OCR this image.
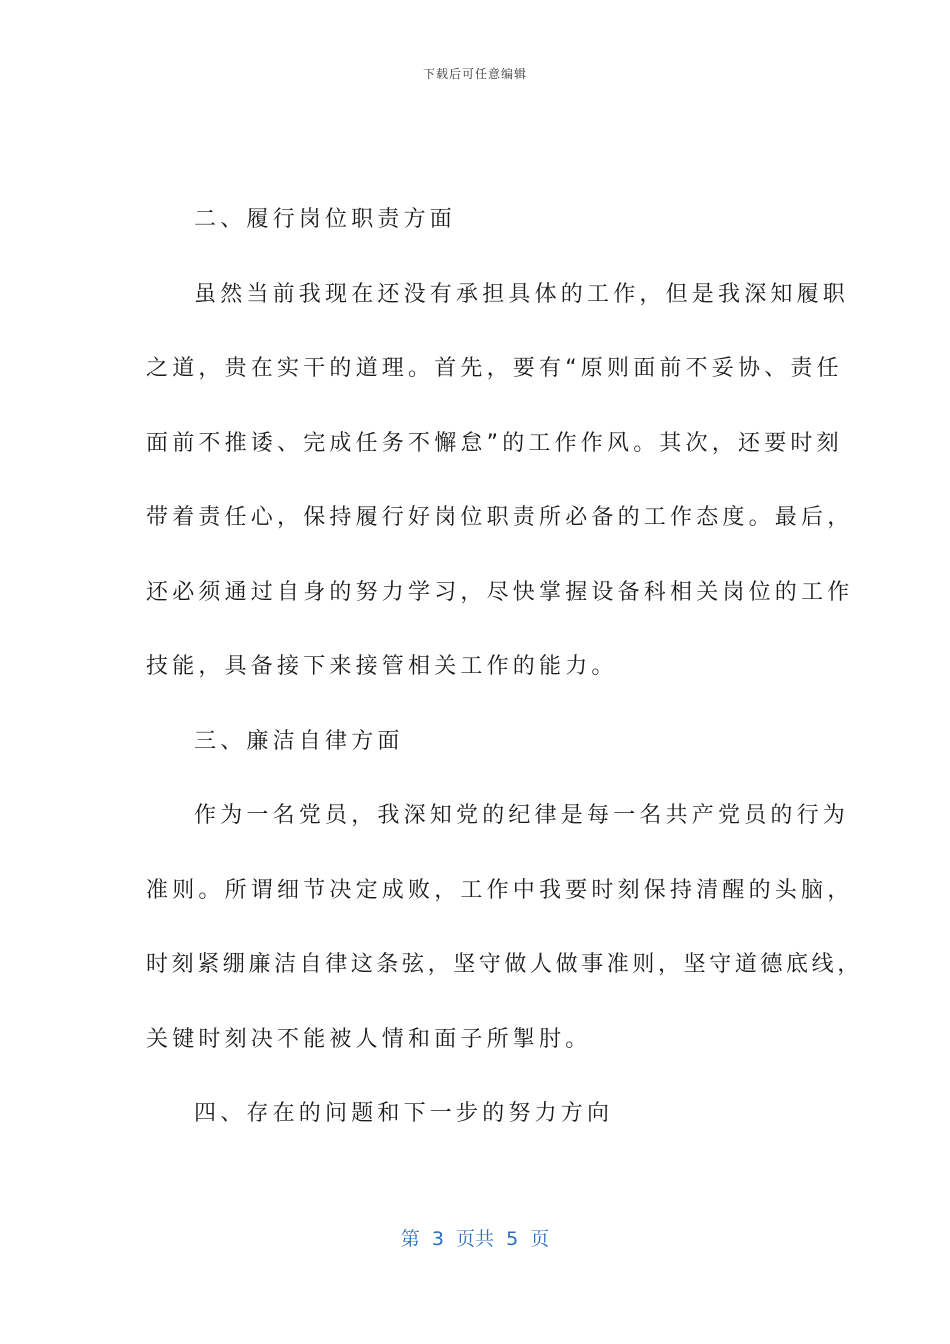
下载后可任意编辑
二、履行岗位职责方面
虽然当前我现在还没有承担具体的工作，但是我深知履职
之道，贵在实干的道理。首先，要有“原则面前不妥协、责任
面前不推诿、完成任务不懈怠”的工作作风。其次，还要时刻
带着责任心，保持履行好岗位职责所必备的工作态度。最后，
还必须通过自身的努力学习，尽快掌握设备科相关岗位的工作
技能，具备接下来接管相关工作的能力。
三、廉洁自律方面
作为一名党员，我深知党的纪律是每一名共产党员的行为
准则。所谓细节决定成败，工作中我要时刻保持清醒的头脑，
时刻紧绷廉洁自律这条弦，坚守做人做事准则，坚守道德底线，
关键时刻决不能被人情和面子所掣肘。
四、存在的问题和下一步的努力方向
第  3  页共  5  页
